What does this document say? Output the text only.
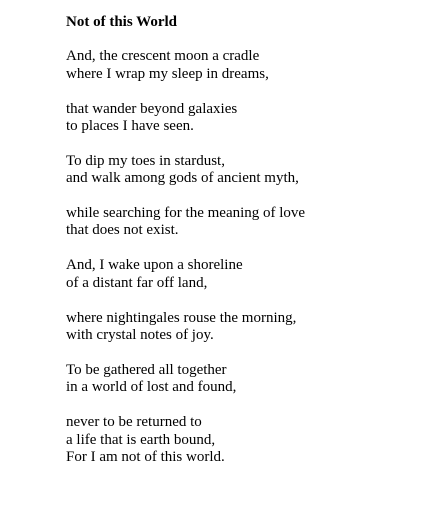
Not of this World
And, the crescent moon a cradle
where I wrap my sleep in dreams,
that wander beyond galaxies
to places I have seen.
To dip my toes in stardust,
and walk among gods of ancient myth,
while searching for the meaning of love
that does not exist.
And, I wake upon a shoreline
of a distant far off land,
where nightingales rouse the morning,
with crystal notes of joy.
To be gathered all together
in a world of lost and found,
never to be returned to
a life that is earth bound,
For I am not of this world.
